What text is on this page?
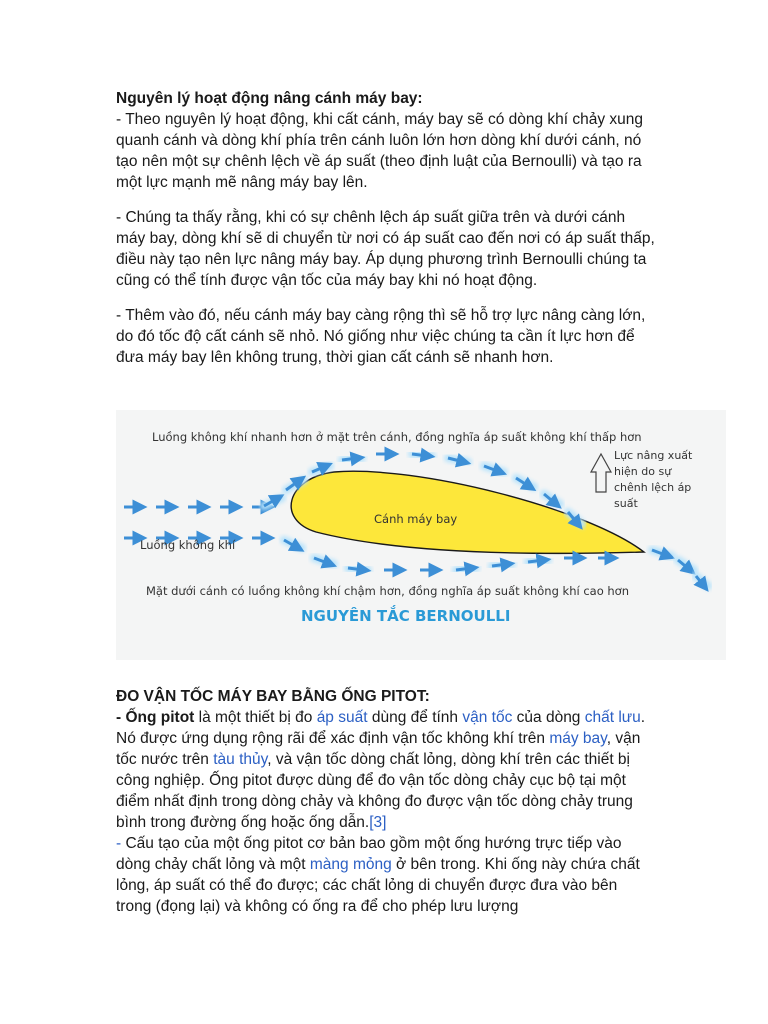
Nguyên lý hoạt động nâng cánh máy bay:

- Theo nguyên lý hoạt động, khi cất cánh, máy bay sẽ có dòng khí chảy xung quanh cánh và dòng khí phía trên cánh luôn lớn hơn dòng khí dưới cánh, nó tạo nên một sự chênh lệch về áp suất (theo định luật của Bernoulli) và tạo ra một lực mạnh mẽ nâng máy bay lên.

- Chúng ta thấy rằng, khi có sự chênh lệch áp suất giữa trên và dưới cánh máy bay, dòng khí sẽ di chuyển từ nơi có áp suất cao đến nơi có áp suất thấp, điều này tạo nên lực nâng máy bay. Áp dụng phương trình Bernoulli chúng ta cũng có thể tính được vận tốc của máy bay khi nó hoạt động.

- Thêm vào đó, nếu cánh máy bay càng rộng thì sẽ hỗ trợ lực nâng càng lớn, do đó tốc độ cất cánh sẽ nhỏ. Nó giống như việc chúng ta cần ít lực hơn để đưa máy bay lên không trung, thời gian cất cánh sẽ nhanh hơn.

Luồng không khí nhanh hơn ở mặt trên cánh, đồng nghĩa áp suất không khí thấp hơn
Cánh máy bay
Luồng không khí
Lực nâng xuất
hiện do sự
chênh lệch áp
suất
Mặt dưới cánh có luồng không khí chậm hơn, đồng nghĩa áp suất không khí cao hơn
NGUYÊN TẮC BERNOULLI

ĐO VẬN TỐC MÁY BAY BẰNG ỐNG PITOT:

- Ống pitot là một thiết bị đo áp suất dùng để tính vận tốc của dòng chất lưu. Nó được ứng dụng rộng rãi để xác định vận tốc không khí trên máy bay, vận tốc nước trên tàu thủy, và vận tốc dòng chất lỏng, dòng khí trên các thiết bị công nghiệp. Ống pitot được dùng để đo vận tốc dòng chảy cục bộ tại một điểm nhất định trong dòng chảy và không đo được vận tốc dòng chảy trung bình trong đường ống hoặc ống dẫn.[3]

- Cấu tạo của một ống pitot cơ bản bao gồm một ống hướng trực tiếp vào dòng chảy chất lỏng và một màng mỏng ở bên trong. Khi ống này chứa chất lỏng, áp suất có thể đo được; các chất lỏng di chuyển được đưa vào bên trong (đọng lại) và không có ống ra để cho phép lưu lượng
